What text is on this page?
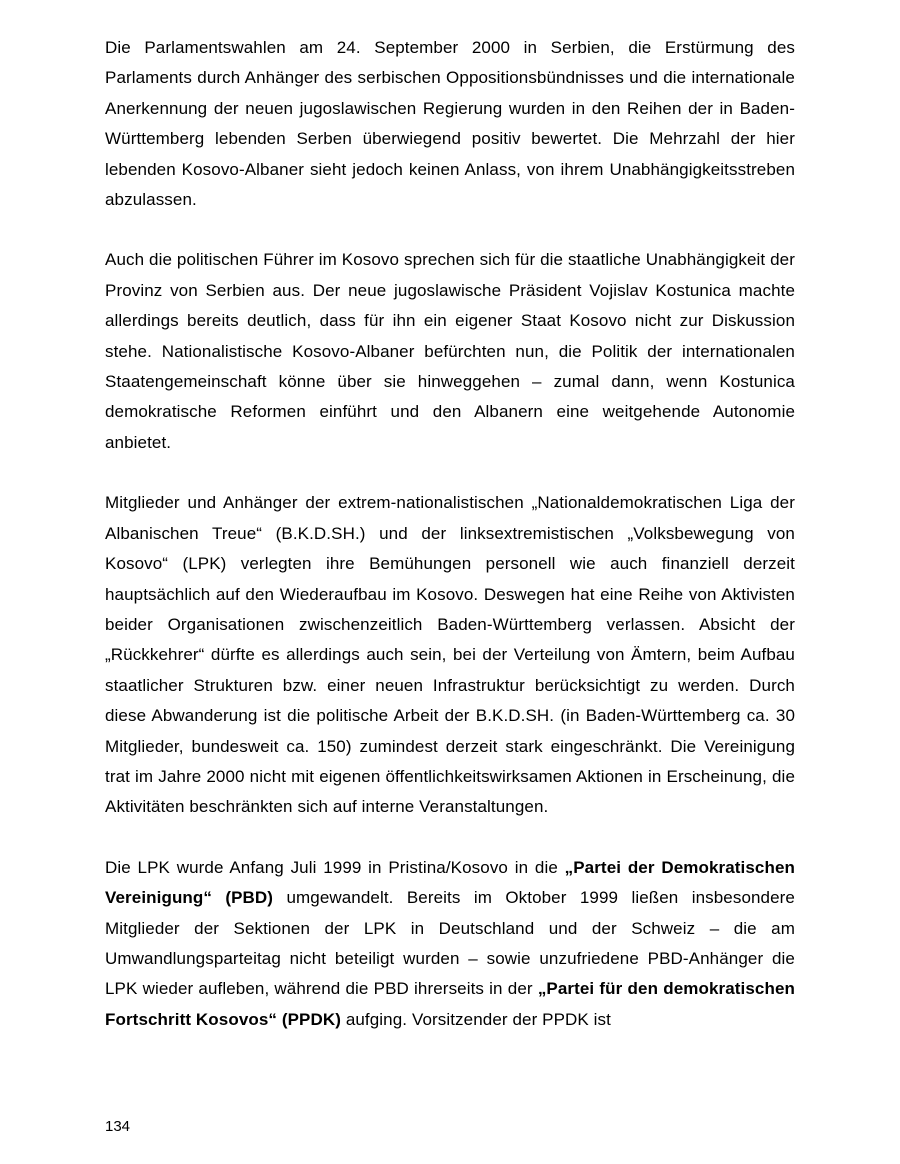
Die Parlamentswahlen am 24. September 2000 in Serbien, die Erstürmung des Parlaments durch Anhänger des serbischen Oppositionsbündnisses und die internationale Anerkennung der neuen jugoslawischen Regierung wurden in den Reihen der in Baden-Württemberg lebenden Serben überwiegend positiv bewertet. Die Mehrzahl der hier lebenden Kosovo-Albaner sieht jedoch keinen Anlass, von ihrem Unabhängigkeitsstreben abzulassen.

Auch die politischen Führer im Kosovo sprechen sich für die staatliche Unabhängigkeit der Provinz von Serbien aus. Der neue jugoslawische Präsident Vojislav Kostunica machte allerdings bereits deutlich, dass für ihn ein eigener Staat Kosovo nicht zur Diskussion stehe. Nationalistische Kosovo-Albaner befürchten nun, die Politik der internationalen Staatengemeinschaft könne über sie hinweggehen – zumal dann, wenn Kostunica demokratische Reformen einführt und den Albanern eine weitgehende Autonomie anbietet.

Mitglieder und Anhänger der extrem-nationalistischen „Nationaldemokratischen Liga der Albanischen Treue“ (B.K.D.SH.) und der linksextremistischen „Volksbewegung von Kosovo“ (LPK) verlegten ihre Bemühungen personell wie auch finanziell derzeit hauptsächlich auf den Wiederaufbau im Kosovo. Deswegen hat eine Reihe von Aktivisten beider Organisationen zwischenzeitlich Baden-Württemberg verlassen. Absicht der „Rückkehrer“ dürfte es allerdings auch sein, bei der Verteilung von Ämtern, beim Aufbau staatlicher Strukturen bzw. einer neuen Infrastruktur berücksichtigt zu werden. Durch diese Abwanderung ist die politische Arbeit der B.K.D.SH. (in Baden-Württemberg ca. 30 Mitglieder, bundesweit ca. 150) zumindest derzeit stark eingeschränkt. Die Vereinigung trat im Jahre 2000 nicht mit eigenen öffentlichkeitswirksamen Aktionen in Erscheinung, die Aktivitäten beschränkten sich auf interne Veranstaltungen.

Die LPK wurde Anfang Juli 1999 in Pristina/Kosovo in die „Partei der Demokratischen Vereinigung“ (PBD) umgewandelt. Bereits im Oktober 1999 ließen insbesondere Mitglieder der Sektionen der LPK in Deutschland und der Schweiz – die am Umwandlungsparteitag nicht beteiligt wurden – sowie unzufriedene PBD-Anhänger die LPK wieder aufleben, während die PBD ihrerseits in der „Partei für den demokratischen Fortschritt Kosovos“ (PPDK) aufging. Vorsitzender der PPDK ist

134
